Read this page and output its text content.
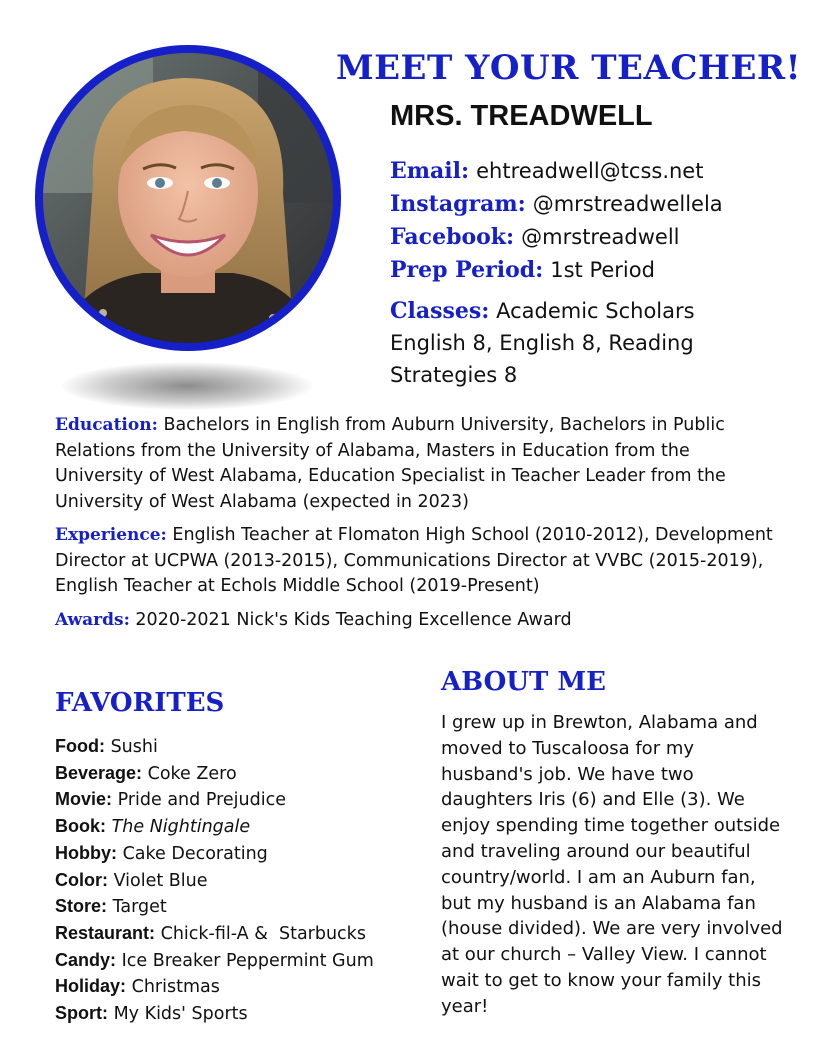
MEET YOUR TEACHER!
MRS. TREADWELL
Email: ehtreadwell@tcss.net
Instagram: @mrstreadwellela
Facebook: @mrstreadwell
Prep Period: 1st Period
Classes: Academic Scholars English 8, English 8, Reading Strategies 8

Education: Bachelors in English from Auburn University, Bachelors in Public Relations from the University of Alabama, Masters in Education from the University of West Alabama, Education Specialist in Teacher Leader from the University of West Alabama (expected in 2023)

Experience: English Teacher at Flomaton High School (2010-2012), Development Director at UCPWA (2013-2015), Communications Director at VVBC (2015-2019), English Teacher at Echols Middle School (2019-Present)

Awards: 2020-2021 Nick's Kids Teaching Excellence Award

FAVORITES
Food: Sushi
Beverage: Coke Zero
Movie: Pride and Prejudice
Book: The Nightingale
Hobby: Cake Decorating
Color: Violet Blue
Store: Target
Restaurant: Chick-fil-A &  Starbucks
Candy: Ice Breaker Peppermint Gum
Holiday: Christmas
Sport: My Kids' Sports
ABOUT ME
I grew up in Brewton, Alabama and moved to Tuscaloosa for my husband's job. We have two daughters Iris (6) and Elle (3). We enjoy spending time together outside and traveling around our beautiful country/world. I am an Auburn fan, but my husband is an Alabama fan (house divided). We are very involved at our church – Valley View. I cannot wait to get to know your family this year!
